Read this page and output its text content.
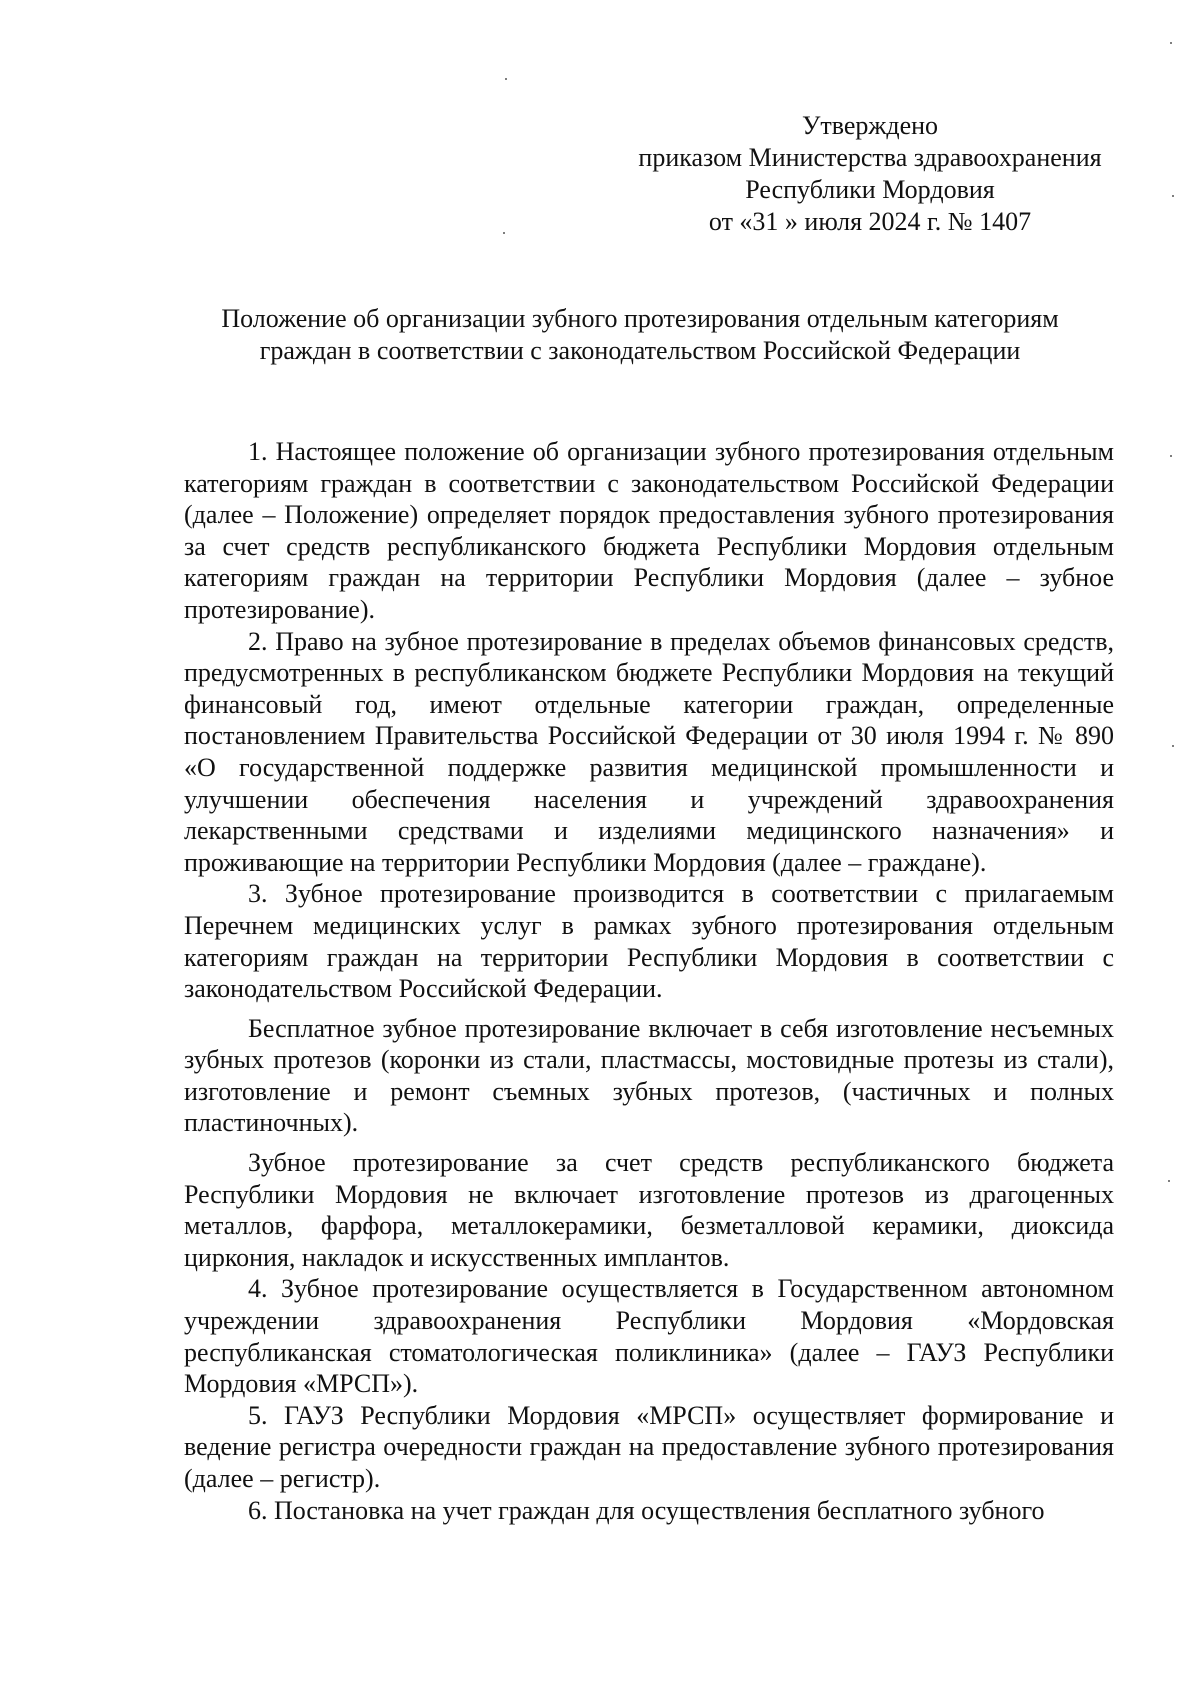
Утверждено
приказом Министерства здравоохранения
Республики Мордовия
от «31 » июля 2024 г. № 1407
Положение об организации зубного протезирования отдельным категориям граждан в соответствии с законодательством Российской Федерации

1. Настоящее положение об организации зубного протезирования отдельным категориям граждан в соответствии с законодательством Российской Федерации (далее – Положение) определяет порядок предоставления зубного протезирования за счет средств республиканского бюджета Республики Мордовия отдельным категориям граждан на территории Республики Мордовия (далее – зубное протезирование).

2. Право на зубное протезирование в пределах объемов финансовых средств, предусмотренных в республиканском бюджете Республики Мордовия на текущий финансовый год, имеют отдельные категории граждан, определенные постановлением Правительства Российской Федерации от 30 июля 1994 г. № 890 «О государственной поддержке развития медицинской промышленности и улучшении обеспечения населения и учреждений здравоохранения лекарственными средствами и изделиями медицинского назначения» и проживающие на территории Республики Мордовия (далее – граждане).

3. Зубное протезирование производится в соответствии с прилагаемым Перечнем медицинских услуг в рамках зубного протезирования отдельным категориям граждан на территории Республики Мордовия в соответствии с законодательством Российской Федерации.

Бесплатное зубное протезирование включает в себя изготовление несъемных зубных протезов (коронки из стали, пластмассы, мостовидные протезы из стали), изготовление и ремонт съемных зубных протезов, (частичных и полных пластиночных).

Зубное протезирование за счет средств республиканского бюджета Республики Мордовия не включает изготовление протезов из драгоценных металлов, фарфора, металлокерамики, безметалловой керамики, диоксида циркония, накладок и искусственных имплантов.

4. Зубное протезирование осуществляется в Государственном автономном учреждении здравоохранения Республики Мордовия «Мордовская республиканская стоматологическая поликлиника» (далее – ГАУЗ Республики Мордовия «МРСП»).

5. ГАУЗ Республики Мордовия «МРСП» осуществляет формирование и ведение регистра очередности граждан на предоставление зубного протезирования (далее – регистр).

6. Постановка на учет граждан для осуществления бесплатного зубного
